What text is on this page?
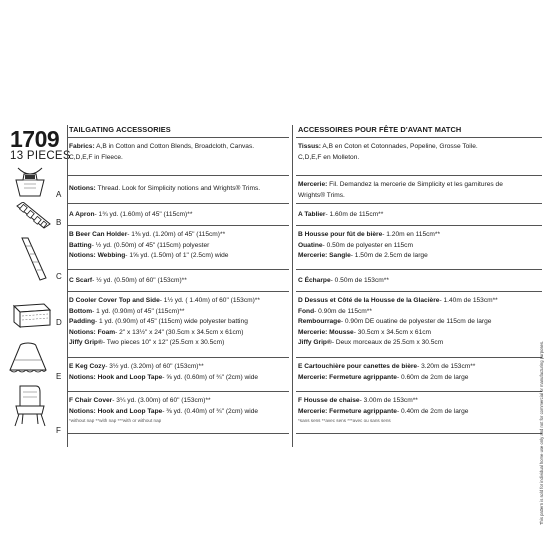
1709
13 PIECES
A
B
C
D
E
F
TAILGATING ACCESSORIES
Fabrics: A,B in Cotton and Cotton Blends, Broadcloth, Canvas.
C,D,E,F in Fleece.
Notions: Thread. Look for Simplicity notions and Wrights® Trims.
A Apron- 1¾ yd. (1.60m) of 45" (115cm)**
B Beer Can Holder- 1⅜ yd. (1.20m) of 45" (115cm)**
Batting- ½ yd. (0.50m) of 45" (115cm) polyester
Notions: Webbing- 1⅝ yd. (1.50m) of 1" (2.5cm) wide
C Scarf- ½ yd. (0.50m) of 60" (153cm)**
D Cooler Cover Top and Side- 1½ yd. ( 1.40m) of 60" (153cm)**
Bottom- 1 yd. (0.90m) of 45" (115cm)**
Padding- 1 yd. (0.90m) of 45" (115cm) wide polyester batting
Notions: Foam- 2" x 13½" x 24" (30.5cm x 34.5cm x 61cm)
Jiffy Grip®- Two pieces 10" x 12" (25.5cm x 30.5cm)
E Keg Cozy- 3½ yd. (3.20m) of 60" (153cm)**
Notions: Hook and Loop Tape- ⅝ yd. (0.60m) of ¾" (2cm) wide
F Chair Cover- 3¼ yd. (3.00m) of 60" (153cm)**
Notions: Hook and Loop Tape- ⅜ yd. (0.40m) of ¾" (2cm) wide
*without nap **with nap ***with or without nap
ACCESSOIRES POUR FÊTE D'AVANT MATCH
Tissus: A,B en Coton et Cotonnades, Popeline, Grosse Toile.
C,D,E,F en Molleton.
Mercerie: Fil. Demandez la mercerie de Simplicity et les garnitures de
Wrights® Trims.
A Tablier- 1.60m de 115cm**
B Housse pour fût de bière- 1.20m en 115cm**
Ouatine- 0.50m de polyester en 115cm
Mercerie: Sangle- 1.50m de 2.5cm de large
C Écharpe- 0.50m de 153cm**
D Dessus et Côté de la Housse de la Glacière- 1.40m de 153cm**
Fond- 0.90m de 115cm**
Rembourrage- 0.90m DE ouatine de polyester de 115cm de large
Mercerie: Mousse- 30.5cm x 34.5cm x 61cm
Jiffy Grip®- Deux morceaux de 25.5cm x 30.5cm
E Cartouchière pour canettes de bière- 3.20m de 153cm**
Mercerie: Fermeture agrippante- 0.60m de 2cm de large
F Housse de chaise- 3.00m de 153cm**
Mercerie: Fermeture agrippante- 0.40m de 2cm de large
*sans sens **avec sens ***avec ou sans sens	This pattern is sold for individual home use only and not for commercial or manufacturing purposes.
